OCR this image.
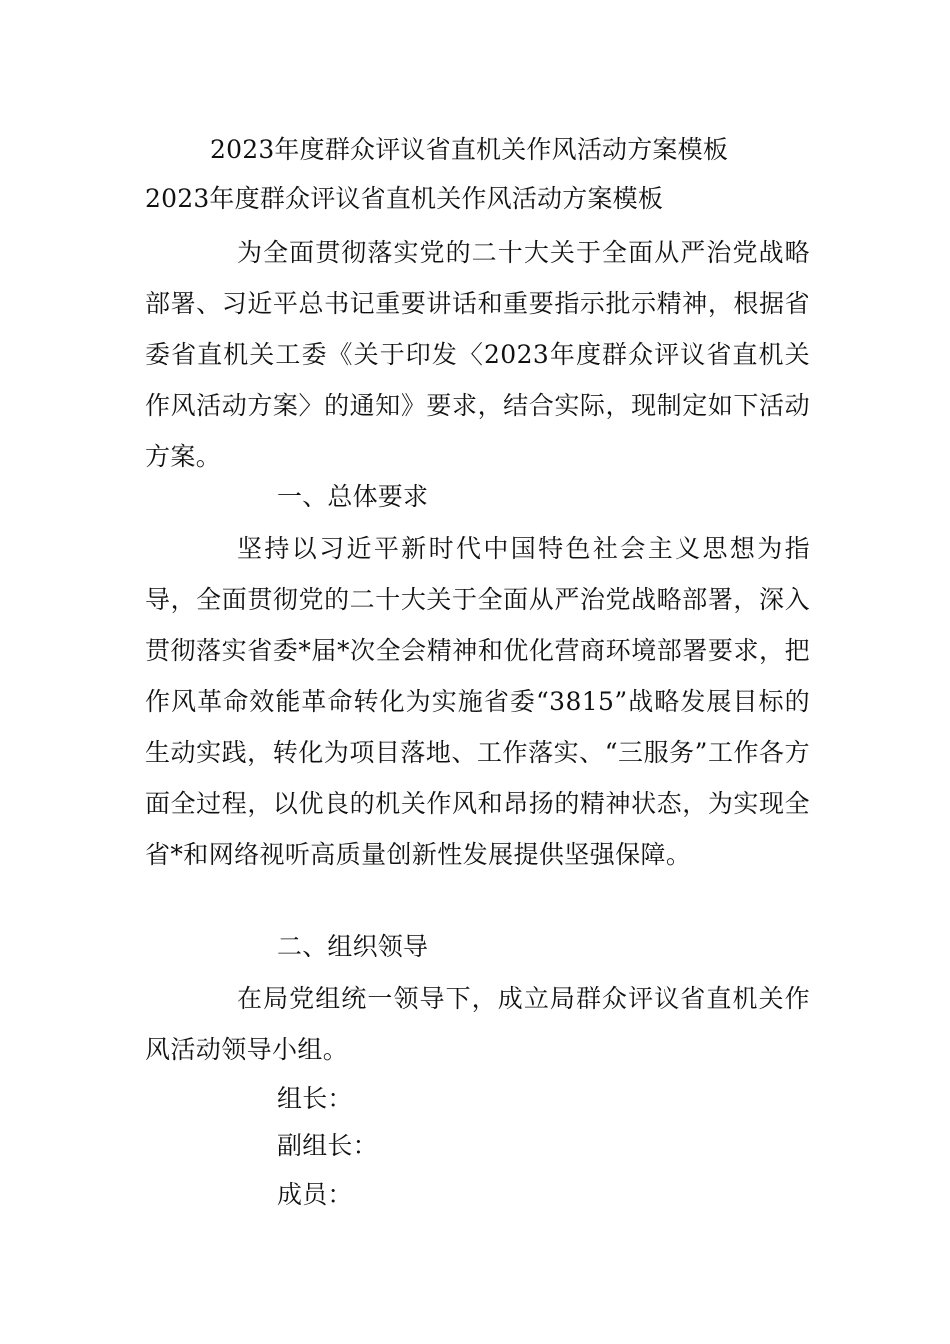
2023年度群众评议省直机关作风活动方案模板
2023年度群众评议省直机关作风活动方案模板
为全面贯彻落实党的二十大关于全面从严治党战略部署、习近平总书记重要讲话和重要指示批示精神，根据省委省直机关工委《关于印发〈2023年度群众评议省直机关作风活动方案〉的通知》要求，结合实际，现制定如下活动方案。
一、总体要求
坚持以习近平新时代中国特色社会主义思想为指导，全面贯彻党的二十大关于全面从严治党战略部署，深入贯彻落实省委*届*次全会精神和优化营商环境部署要求，把作风革命效能革命转化为实施省委“3815”战略发展目标的生动实践，转化为项目落地、工作落实、“三服务”工作各方面全过程，以优良的机关作风和昂扬的精神状态，为实现全省*和网络视听高质量创新性发展提供坚强保障。
二、组织领导
在局党组统一领导下，成立局群众评议省直机关作风活动领导小组。
组长：
副组长：
成员：
